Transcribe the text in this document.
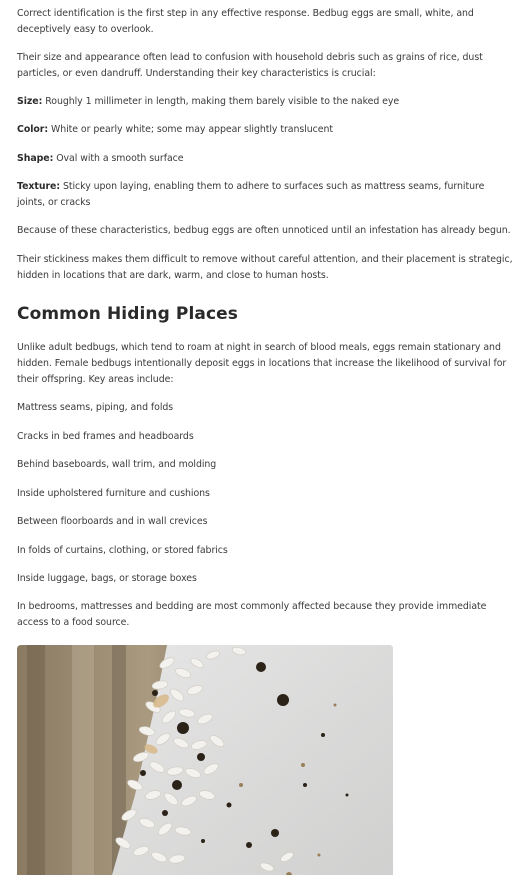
Correct identification is the first step in any effective response. Bedbug eggs are small, white, and deceptively easy to overlook.

Their size and appearance often lead to confusion with household debris such as grains of rice, dust particles, or even dandruff. Understanding their key characteristics is crucial:

Size: Roughly 1 millimeter in length, making them barely visible to the naked eye

Color: White or pearly white; some may appear slightly translucent

Shape: Oval with a smooth surface

Texture: Sticky upon laying, enabling them to adhere to surfaces such as mattress seams, furniture joints, or cracks

Because of these characteristics, bedbug eggs are often unnoticed until an infestation has already begun.

Their stickiness makes them difficult to remove without careful attention, and their placement is strategic, hidden in locations that are dark, warm, and close to human hosts.

Common Hiding Places

Unlike adult bedbugs, which tend to roam at night in search of blood meals, eggs remain stationary and hidden. Female bedbugs intentionally deposit eggs in locations that increase the likelihood of survival for their offspring. Key areas include:

Mattress seams, piping, and folds

Cracks in bed frames and headboards

Behind baseboards, wall trim, and molding

Inside upholstered furniture and cushions

Between floorboards and in wall crevices

In folds of curtains, clothing, or stored fabrics

Inside luggage, bags, or storage boxes

In bedrooms, mattresses and bedding are most commonly affected because they provide immediate access to a food source.
